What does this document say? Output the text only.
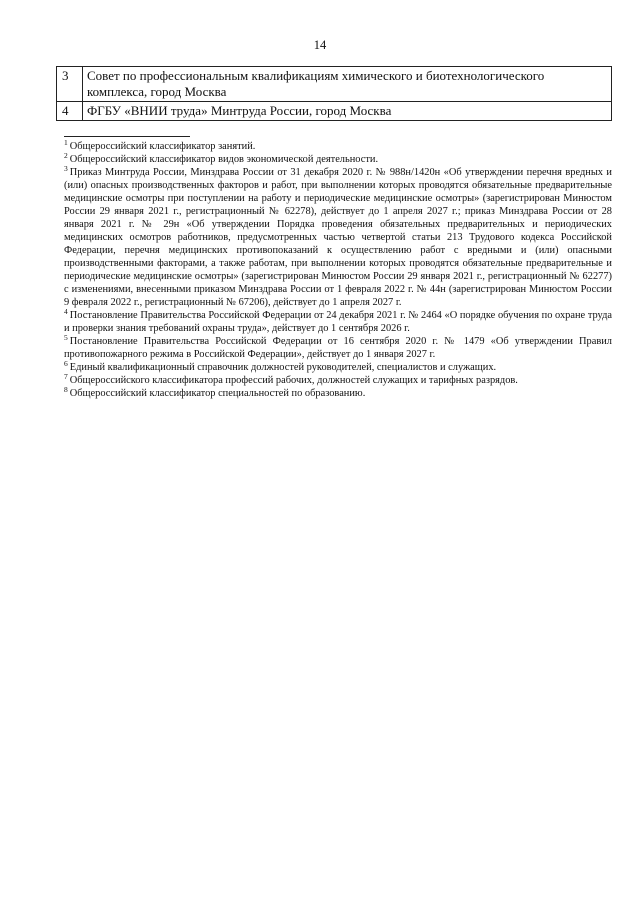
14
3	Совет по профессиональным квалификациям химического и биотехнологического комплекса, город Москва
4	ФГБУ «ВНИИ труда» Минтруда России, город Москва

$^1$ Общероссийский классификатор занятий.

$^2$ Общероссийский классификатор видов экономической деятельности.

$^3$ Приказ Минтруда России, Минздрава России от 31 декабря 2020 г. № 988н/1420н «Об утверждении перечня вредных и (или) опасных производственных факторов и работ, при выполнении которых проводятся обязательные предварительные медицинские осмотры при поступлении на работу и периодические медицинские осмотры» (зарегистрирован Минюстом России 29 января 2021 г., регистрационный № 62278), действует до 1 апреля 2027 г.; приказ Минздрава России от 28 января 2021 г. № 29н «Об утверждении Порядка проведения обязательных предварительных и периодических медицинских осмотров работников, предусмотренных частью четвертой статьи 213 Трудового кодекса Российской Федерации, перечня медицинских противопоказаний к осуществлению работ с вредными и (или) опасными производственными факторами, а также работам, при выполнении которых проводятся обязательные предварительные и периодические медицинские осмотры» (зарегистрирован Минюстом России 29 января 2021 г., регистрационный № 62277) с изменениями, внесенными приказом Минздрава России от 1 февраля 2022 г. № 44н (зарегистрирован Минюстом России 9 февраля 2022 г., регистрационный № 67206), действует до 1 апреля 2027 г.

$^4$ Постановление Правительства Российской Федерации от 24 декабря 2021 г. № 2464 «О порядке обучения по охране труда и проверки знания требований охраны труда», действует до 1 сентября 2026 г.

$^5$ Постановление Правительства Российской Федерации от 16 сентября 2020 г. № 1479 «Об утверждении Правил противопожарного режима в Российской Федерации», действует до 1 января 2027 г.

$^6$ Единый квалификационный справочник должностей руководителей, специалистов и служащих.

$^7$ Общероссийского классификатора профессий рабочих, должностей служащих и тарифных разрядов.

$^8$ Общероссийский классификатор специальностей по образованию.
